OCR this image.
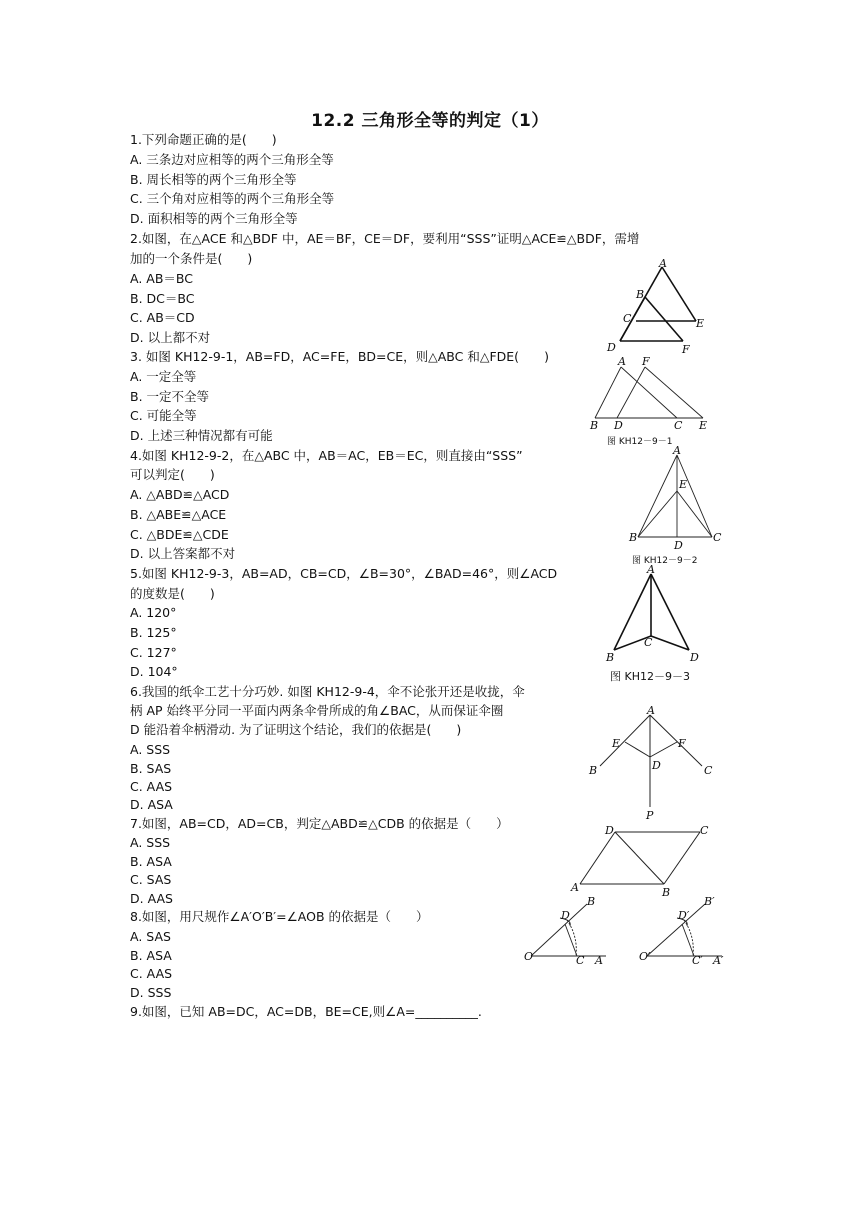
12.2 三角形全等的判定（1）
1.下列命题正确的是(　　)
A. 三条边对应相等的两个三角形全等
B. 周长相等的两个三角形全等
C. 三个角对应相等的两个三角形全等
D. 面积相等的两个三角形全等
2.如图，在△ACE 和△BDF 中，AE＝BF，CE＝DF，要利用“SSS”证明△ACE≌△BDF，需增
加的一个条件是(　　)
A. AB＝BC
B. DC＝BC
C. AB＝CD
D. 以上都不对
3. 如图 KH12-9-1，AB=FD，AC=FE，BD=CE，则△ABC 和△FDE(　　)
A. 一定全等
B. 一定不全等
C. 可能全等
D. 上述三种情况都有可能
4.如图 KH12-9-2，在△ABC 中，AB＝AC，EB＝EC，则直接由“SSS”
可以判定(　　)
A. △ABD≌△ACD
B. △ABE≌△ACE
C. △BDE≌△CDE
D. 以上答案都不对
5.如图 KH12-9-3，AB=AD，CB=CD，∠B=30°，∠BAD=46°，则∠ACD
的度数是(　　)
A. 120°
B. 125°
C. 127°
D. 104°
6.我国的纸伞工艺十分巧妙. 如图 KH12-9-4，伞不论张开还是收拢，伞
柄 AP 始终平分同一平面内两条伞骨所成的角∠BAC，从而保证伞圈
D 能沿着伞柄滑动. 为了证明这个结论，我们的依据是(　　)
A. SSS
B. SAS
C. AAS
D. ASA
7.如图，AB=CD，AD=CB，判定△ABD≌△CDB 的依据是（　　）
A. SSS
B. ASA
C. SAS
D. AAS
8.如图，用尺规作∠A′O′B′=∠AOB 的依据是（　　）
A. SAS
B. ASA
C. AAS
D. SSS
9.如图，已知 AB=DC，AC=DB，BE=CE,则∠A=__________.
A
B
C
D
E
F
A F
B D	C E
图 KH12－9－1
A
E
B
D
C
图 KH12－9－2
A
C
B	D
图 KH12－9－3
A
E	F
D
B	C
P
D	C
A	B
B
D
O	C A
B′
D′
O′	C′ A′
